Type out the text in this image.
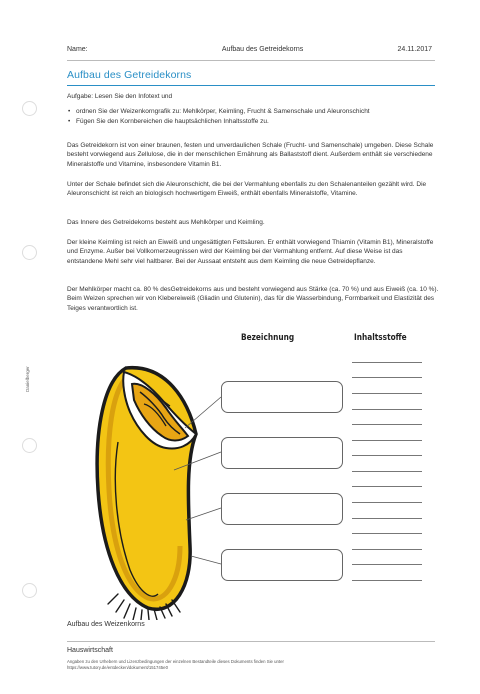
Danielberger
Name:	Aufbau des Getreidekorns	24.11.2017
Aufbau des Getreidekorns
Aufgabe: Lesen Sie den Infotext und
• ordnen Sie der Weizenkorngrafik zu: Mehlkörper, Keimling, Frucht & Samenschale und Aleuronschicht
• Fügen Sie den Kornbereichen die hauptsächlichen Inhaltsstoffe zu.
Das Getreidekorn ist von einer braunen, festen und unverdaulichen Schale (Frucht- und Samenschale) umgeben. Diese Schale besteht vorwiegend aus Zellulose, die in der menschlichen Ernährung als Ballaststoff dient. Außerdem enthält sie verschiedene Mineralstoffe und Vitamine, insbesondere Vitamin B1.
Unter der Schale befindet sich die Aleuronschicht, die bei der Vermahlung ebenfalls zu den Schalenanteilen gezählt wird. Die Aleuronschicht ist reich an biologisch hochwertigem Eiweiß, enthält ebenfalls Mineralstoffe, Vitamine.
Das Innere des Getreidekorns besteht aus Mehlkörper und Keimling.
Der kleine Keimling ist reich an Eiweiß und ungesättigten Fettsäuren. Er enthält vorwiegend Thiamin (Vitamin B1), Mineralstoffe und Enzyme. Außer bei Vollkornerzeugnissen wird der Keimling bei der Vermahlung entfernt. Auf diese Weise ist das entstandene Mehl sehr viel haltbarer. Bei der Aussaat entsteht aus dem Keimling die neue Getreidepflanze.
Der Mehlkörper macht ca. 80 % desGetreidekorns aus und besteht vorwiegend aus Stärke (ca. 70 %) und aus Eiweiß (ca. 10 %). Beim Weizen sprechen wir von Klebereiweiß (Gliadin und Glutenin), das für die Wasserbindung, Formbarkeit und Elastizität des Teiges verantwortlich ist.
Bezeichnung	Inhaltsstoffe
Aufbau des Weizenkorns
Hauswirtschaft
Angaben zu den Urhebern und Lizenzbedingungen der einzelnen Bestandteile dieses Dokuments finden Sie unter
https://www.tutory.de/entdecken/dokument/151745e0
